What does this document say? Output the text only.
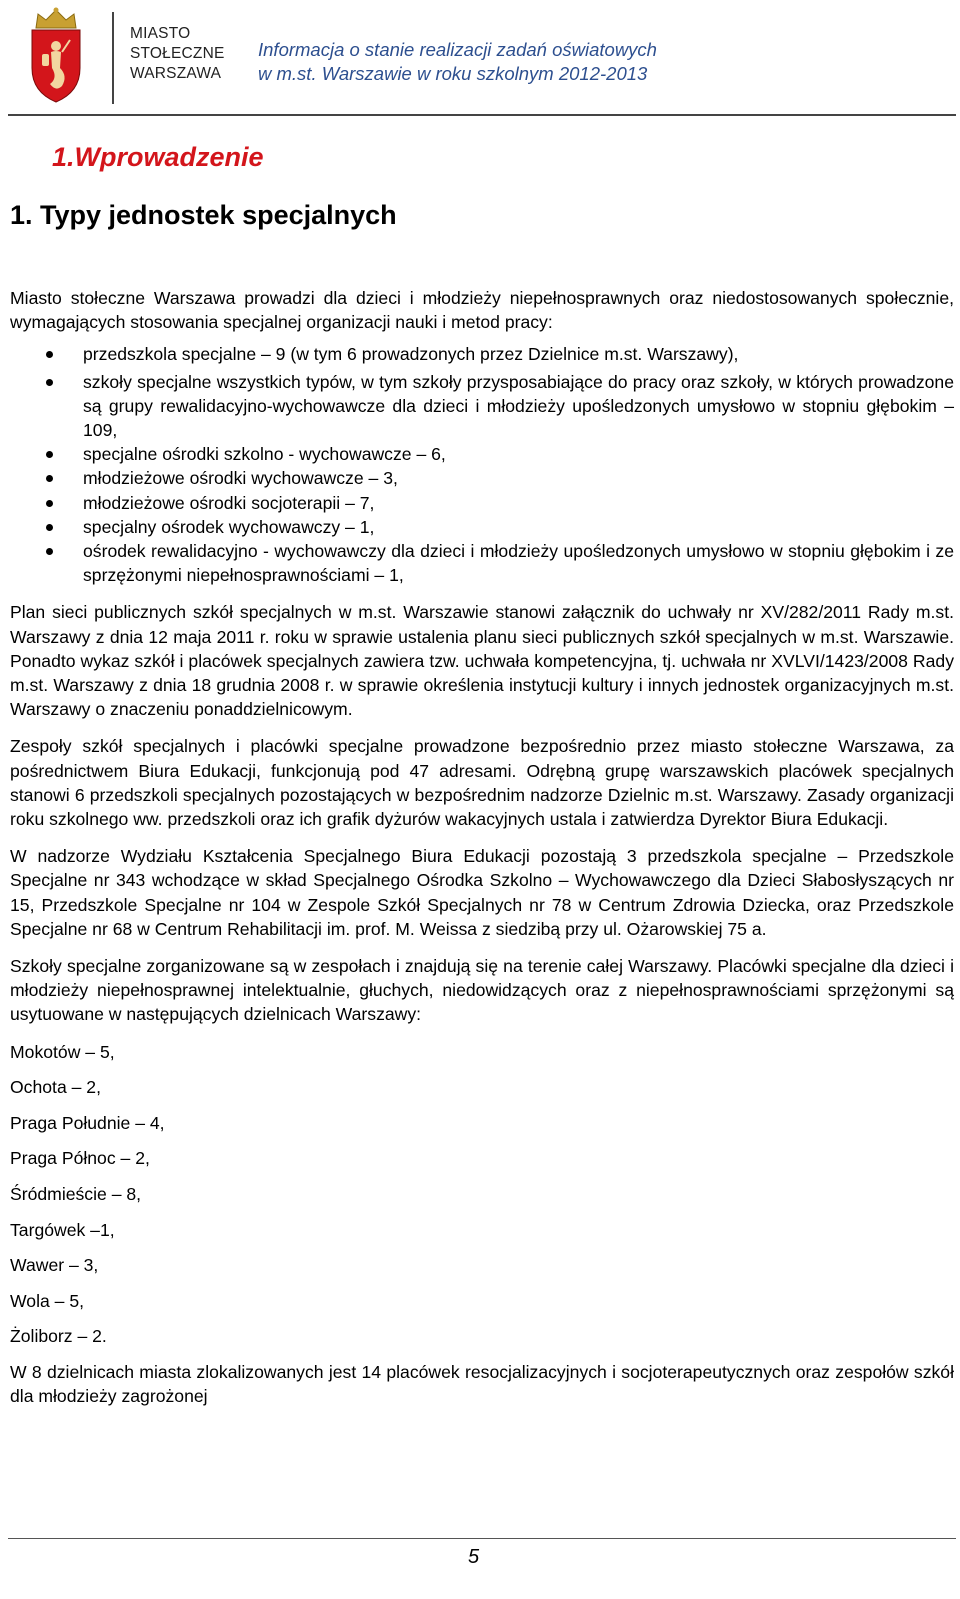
MIASTO
STOŁECZNE
WARSZAWA
Informacja o stanie realizacji zadań oświatowych
w m.st. Warszawie w roku szkolnym 2012-2013
1.Wprowadzenie
1. Typy jednostek specjalnych

Miasto stołeczne Warszawa prowadzi dla dzieci i młodzieży niepełnosprawnych oraz niedostosowanych społecznie, wymagających stosowania specjalnej organizacji nauki i metod pracy:

przedszkola specjalne – 9 (w tym 6 prowadzonych przez Dzielnice m.st. Warszawy),
szkoły specjalne wszystkich typów, w tym szkoły przysposabiające do pracy oraz szkoły, w których prowadzone są grupy rewalidacyjno-wychowawcze dla dzieci i młodzieży upośledzonych umysłowo w stopniu głębokim – 109,
specjalne ośrodki szkolno - wychowawcze – 6,
młodzieżowe ośrodki wychowawcze – 3,
młodzieżowe ośrodki socjoterapii – 7,
specjalny ośrodek wychowawczy – 1,
ośrodek rewalidacyjno - wychowawczy dla dzieci i młodzieży upośledzonych umysłowo w stopniu głębokim i ze sprzężonymi niepełnosprawnościami – 1,

Plan sieci publicznych szkół specjalnych w m.st. Warszawie stanowi załącznik do uchwały nr XV/282/2011 Rady m.st. Warszawy z dnia 12 maja 2011 r. roku w sprawie ustalenia planu sieci publicznych szkół specjalnych w m.st. Warszawie. Ponadto wykaz szkół i placówek specjalnych zawiera tzw. uchwała kompetencyjna, tj. uchwała nr XVLVI/1423/2008 Rady m.st. Warszawy z dnia 18 grudnia 2008 r. w sprawie określenia instytucji kultury i innych jednostek organizacyjnych m.st. Warszawy o znaczeniu ponaddzielnicowym.

Zespoły szkół specjalnych i placówki specjalne prowadzone bezpośrednio przez miasto stołeczne Warszawa, za pośrednictwem Biura Edukacji, funkcjonują pod 47 adresami. Odrębną grupę warszawskich placówek specjalnych stanowi 6 przedszkoli specjalnych pozostających w bezpośrednim nadzorze Dzielnic m.st. Warszawy. Zasady organizacji roku szkolnego ww. przedszkoli oraz ich grafik dyżurów wakacyjnych ustala i zatwierdza Dyrektor Biura Edukacji.

W nadzorze Wydziału Kształcenia Specjalnego Biura Edukacji pozostają 3 przedszkola specjalne – Przedszkole Specjalne nr 343 wchodzące w skład Specjalnego Ośrodka Szkolno – Wychowawczego dla Dzieci Słabosłyszących nr 15, Przedszkole Specjalne nr 104 w Zespole Szkół Specjalnych nr 78 w Centrum Zdrowia Dziecka, oraz Przedszkole Specjalne nr 68 w Centrum Rehabilitacji im. prof. M. Weissa z siedzibą przy ul. Ożarowskiej 75 a.

Szkoły specjalne zorganizowane są w zespołach i znajdują się na terenie całej Warszawy. Placówki specjalne dla dzieci i młodzieży niepełnosprawnej intelektualnie, głuchych, niedowidzących oraz z niepełnosprawnościami sprzężonymi są usytuowane w następujących dzielnicach Warszawy:

Mokotów – 5,
Ochota – 2,
Praga Południe – 4,
Praga Północ – 2,
Śródmieście – 8,
Targówek –1,
Wawer – 3,
Wola – 5,
Żoliborz – 2.

W 8 dzielnicach miasta zlokalizowanych jest 14 placówek resocjalizacyjnych i socjoterapeutycznych oraz zespołów szkół dla młodzieży zagrożonej

5
